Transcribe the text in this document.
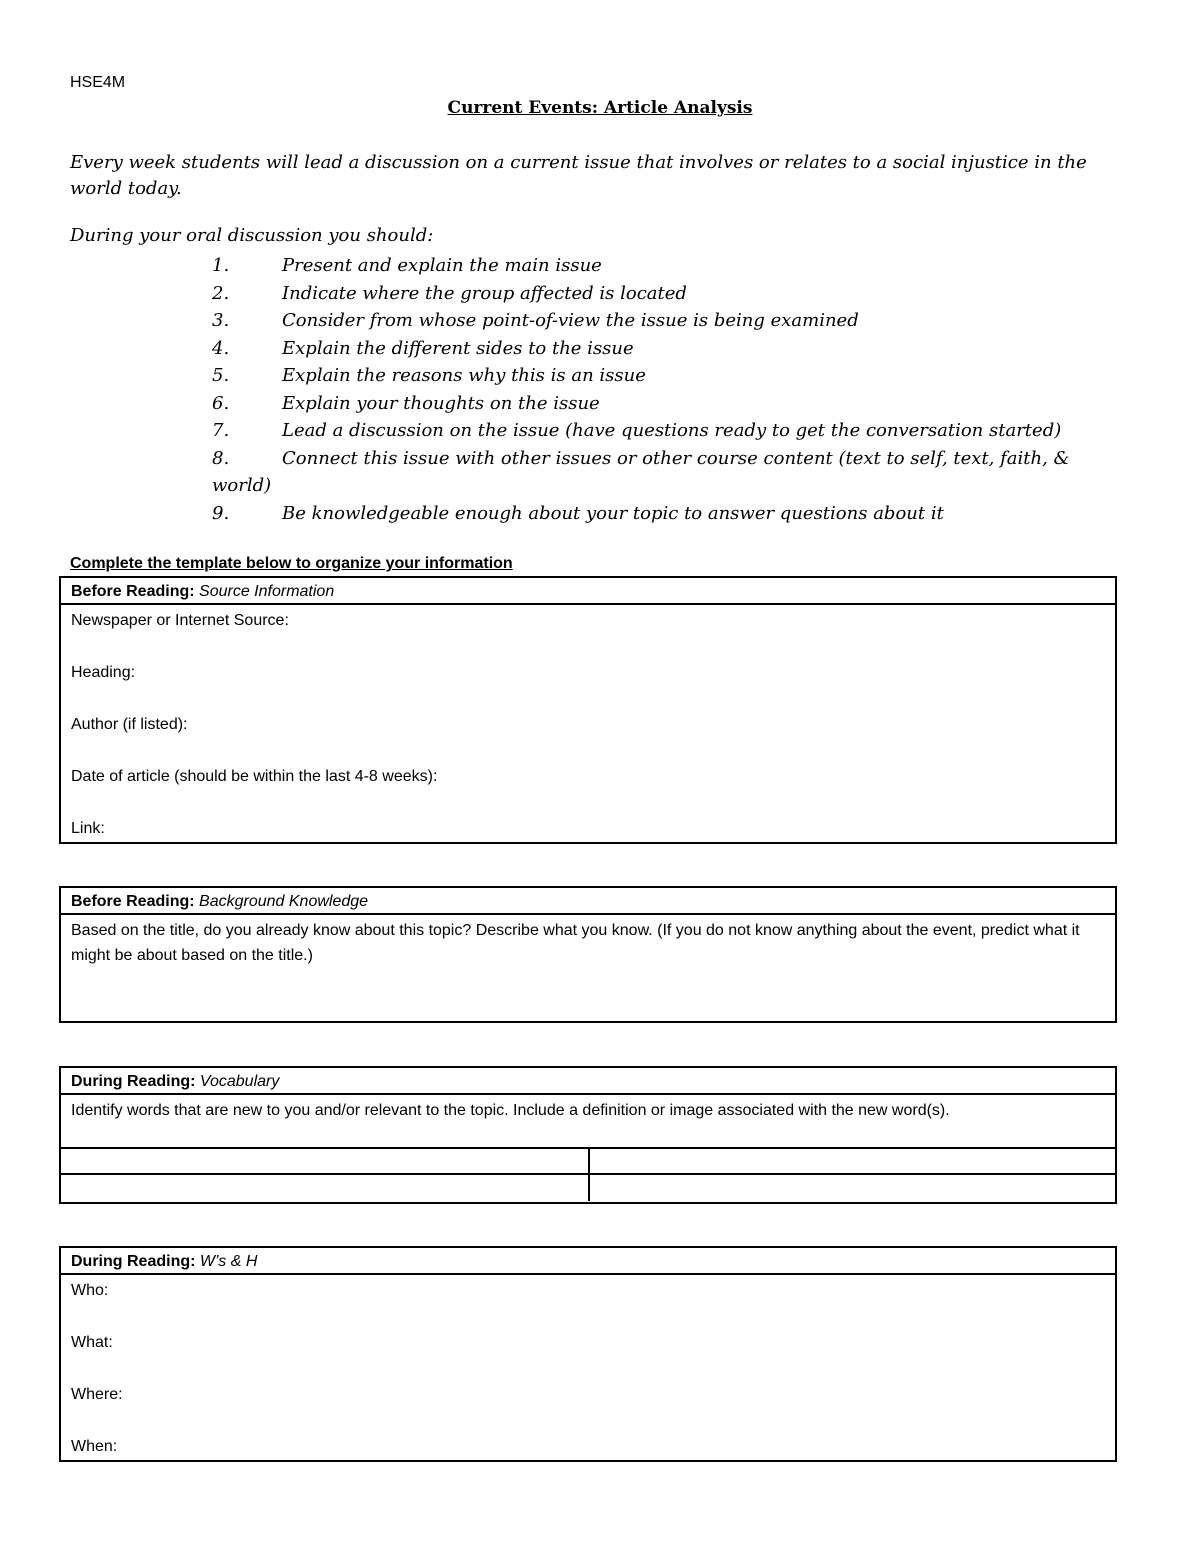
HSE4M
Current Events: Article Analysis
Every week students will lead a discussion on a current issue that involves or relates to a social injustice in the world today.
During your oral discussion you should:
1.	Present and explain the main issue
2.	Indicate where the group affected is located
3.	Consider from whose point-of-view the issue is being examined
4.	Explain the different sides to the issue
5.	Explain the reasons why this is an issue
6.	Explain your thoughts on the issue
7.	Lead a discussion on the issue (have questions ready to get the conversation started)
8.	Connect this issue with other issues or other course content (text to self, text, faith, & world)
9.	Be knowledgeable enough about your topic to answer questions about it
Complete the template below to organize your information
Before Reading: Source Information
Newspaper or Internet Source:
Heading:
Author (if listed):
Date of article (should be within the last 4-8 weeks):
Link:
Before Reading: Background Knowledge
Based on the title, do you already know about this topic? Describe what you know. (If you do not know anything about the event, predict what it might be about based on the title.)
During Reading: Vocabulary
Identify words that are new to you and/or relevant to the topic. Include a definition or image associated with the new word(s).
During Reading: W’s & H
Who:
What:
Where:
When:
